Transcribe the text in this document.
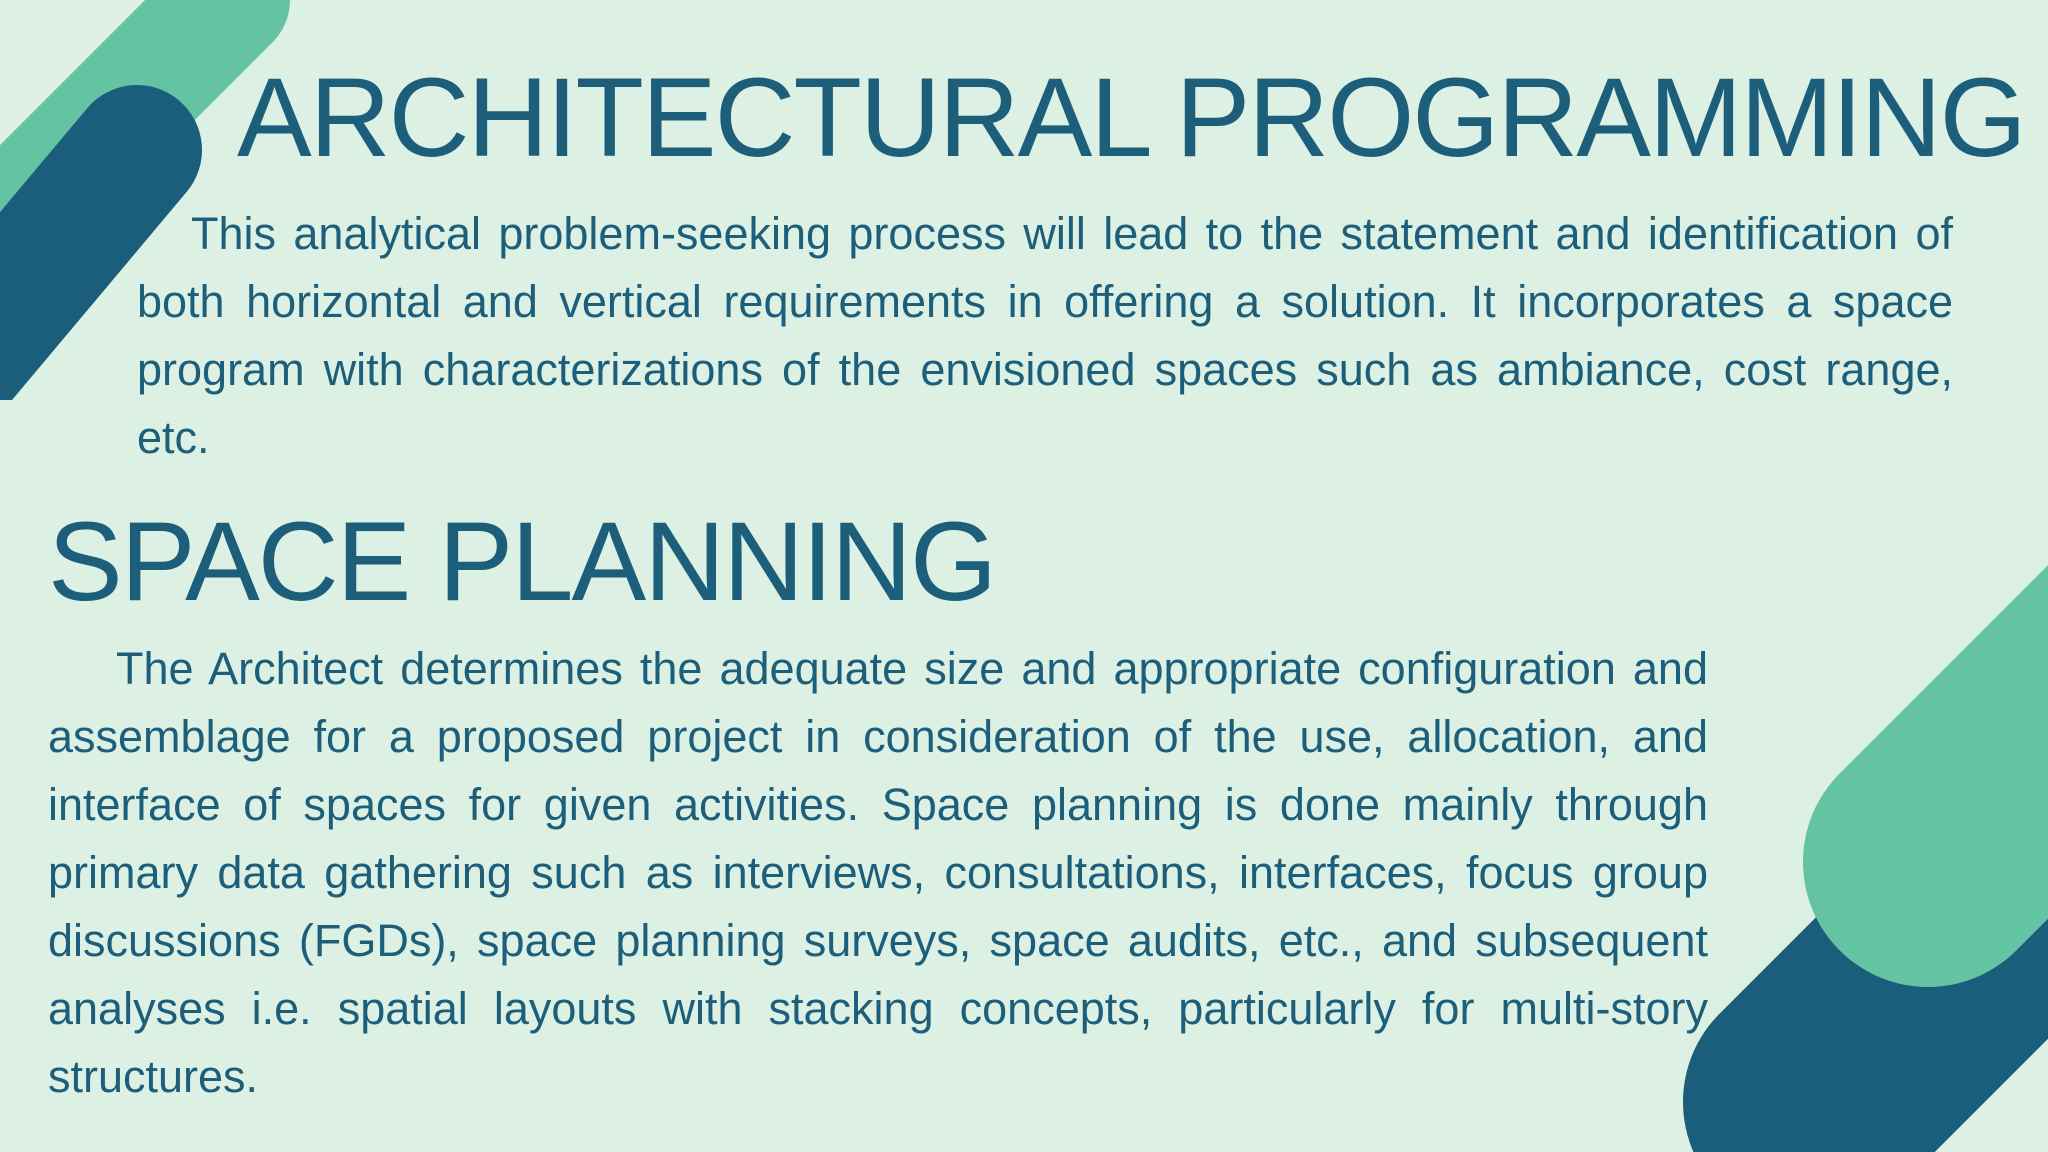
ARCHITECTURAL PROGRAMMING

This analytical problem-seeking process will lead to the statement and identification of both horizontal and vertical requirements in offering a solution. It incorporates a space program with characterizations of the envisioned spaces such as ambiance, cost range, etc.

SPACE PLANNING

The Architect determines the adequate size and appropriate configuration and assemblage for a proposed project in consideration of the use, allocation, and interface of spaces for given activities. Space planning is done mainly through primary data gathering such as interviews, consultations, interfaces, focus group discussions (FGDs), space planning surveys, space audits, etc., and subsequent analyses i.e. spatial layouts with stacking concepts, particularly for multi-story structures.
